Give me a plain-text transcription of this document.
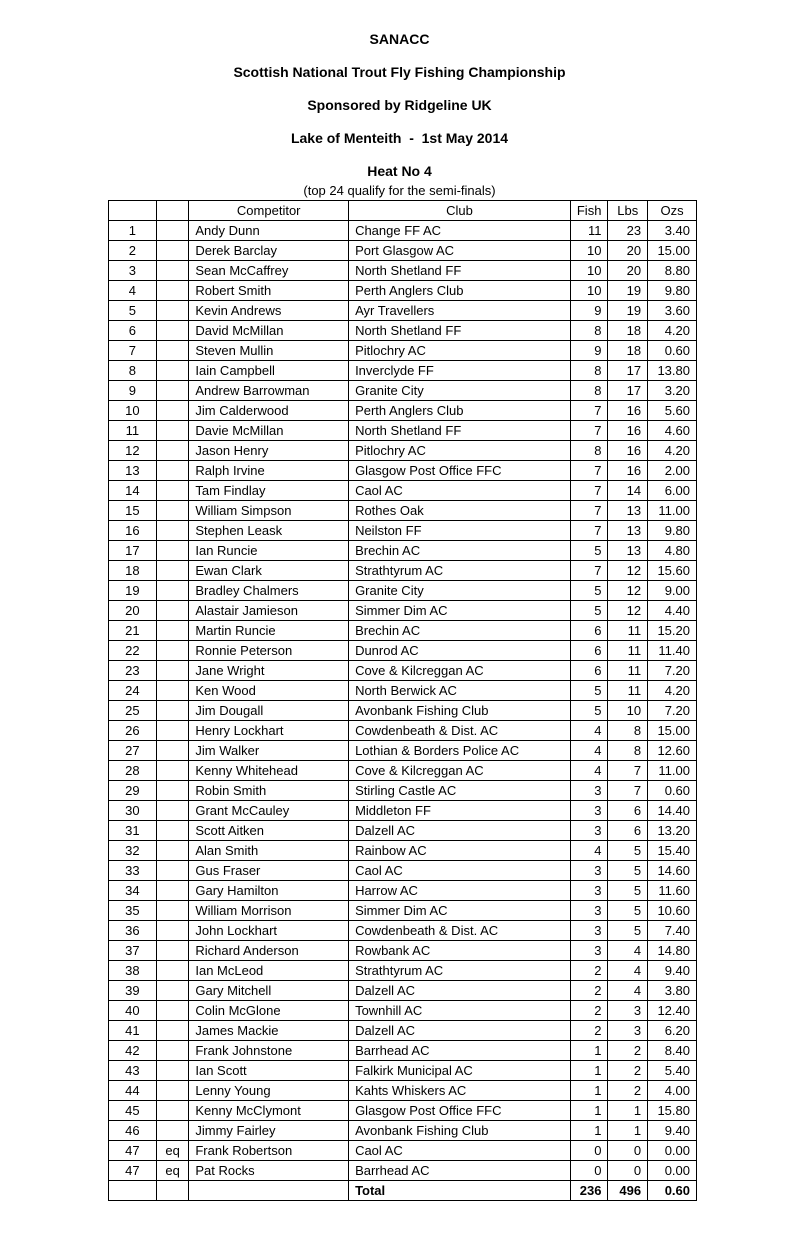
SANACC
Scottish National Trout Fly Fishing Championship
Sponsored by Ridgeline UK
Lake of Menteith  -  1st May 2014
Heat No 4
(top 24 qualify for the semi-finals)
		Competitor	Club	Fish	Lbs	Ozs
1		Andy Dunn	Change FF AC	11	23	3.40
2		Derek Barclay	Port Glasgow AC	10	20	15.00
3		Sean McCaffrey	North Shetland FF	10	20	8.80
4		Robert Smith	Perth Anglers Club	10	19	9.80
5		Kevin Andrews	Ayr Travellers	9	19	3.60
6		David McMillan	North Shetland FF	8	18	4.20
7		Steven Mullin	Pitlochry AC	9	18	0.60
8		Iain Campbell	Inverclyde FF	8	17	13.80
9		Andrew Barrowman	Granite City	8	17	3.20
10		Jim Calderwood	Perth Anglers Club	7	16	5.60
11		Davie McMillan	North Shetland FF	7	16	4.60
12		Jason Henry	Pitlochry AC	8	16	4.20
13		Ralph Irvine	Glasgow Post Office FFC	7	16	2.00
14		Tam Findlay	Caol AC	7	14	6.00
15		William Simpson	Rothes Oak	7	13	11.00
16		Stephen Leask	Neilston FF	7	13	9.80
17		Ian Runcie	Brechin AC	5	13	4.80
18		Ewan Clark	Strathtyrum AC	7	12	15.60
19		Bradley Chalmers	Granite City	5	12	9.00
20		Alastair Jamieson	Simmer Dim AC	5	12	4.40
21		Martin Runcie	Brechin AC	6	11	15.20
22		Ronnie Peterson	Dunrod AC	6	11	11.40
23		Jane Wright	Cove & Kilcreggan AC	6	11	7.20
24		Ken Wood	North Berwick AC	5	11	4.20
25		Jim Dougall	Avonbank Fishing Club	5	10	7.20
26		Henry Lockhart	Cowdenbeath & Dist. AC	4	8	15.00
27		Jim Walker	Lothian & Borders Police AC	4	8	12.60
28		Kenny Whitehead	Cove & Kilcreggan AC	4	7	11.00
29		Robin Smith	Stirling Castle AC	3	7	0.60
30		Grant McCauley	Middleton FF	3	6	14.40
31		Scott Aitken	Dalzell AC	3	6	13.20
32		Alan Smith	Rainbow AC	4	5	15.40
33		Gus Fraser	Caol AC	3	5	14.60
34		Gary Hamilton	Harrow AC	3	5	11.60
35		William Morrison	Simmer Dim AC	3	5	10.60
36		John Lockhart	Cowdenbeath & Dist. AC	3	5	7.40
37		Richard Anderson	Rowbank AC	3	4	14.80
38		Ian McLeod	Strathtyrum AC	2	4	9.40
39		Gary Mitchell	Dalzell AC	2	4	3.80
40		Colin McGlone	Townhill AC	2	3	12.40
41		James Mackie	Dalzell AC	2	3	6.20
42		Frank Johnstone	Barrhead AC	1	2	8.40
43		Ian Scott	Falkirk Municipal AC	1	2	5.40
44		Lenny Young	Kahts Whiskers AC	1	2	4.00
45		Kenny McClymont	Glasgow Post Office FFC	1	1	15.80
46		Jimmy Fairley	Avonbank Fishing Club	1	1	9.40
47	eq	Frank Robertson	Caol AC	0	0	0.00
47	eq	Pat Rocks	Barrhead AC	0	0	0.00
			Total	236	496	0.60
